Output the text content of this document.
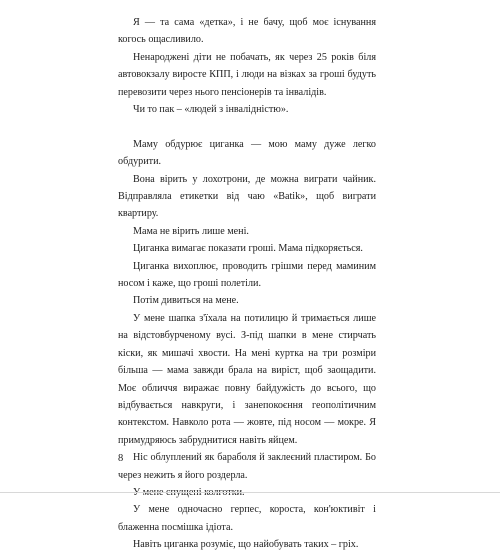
Я — та сама «детка», і не бачу, щоб моє існування когось ощасливило.

Ненароджені діти не побачать, як через 25 років біля автовокзалу виросте КПП, і люди на візках за гроші будуть перевозити через нього пенсіонерів та інвалідів.

Чи то пак – «людей з інвалідністю».

Маму обдурює циганка — мою маму дуже легко обдурити.

Вона вірить у лохотрони, де можна виграти чайник. Відправляла етикетки від чаю «Batik», щоб виграти квартиру.

Мама не вірить лише мені.

Циганка вимагає показати гроші. Мама підкоряється.

Циганка вихоплює, проводить грішми перед маминим носом і каже, що гроші полетіли.

Потім дивиться на мене.

У мене шапка з'їхала на потилицю й тримається лише на відстовбурченому вусі. З-під шапки в мене стирчать кіски, як мишачі хвости. На мені куртка на три розміри більша — мама завжди брала на виріст, щоб заощадити. Моє обличчя виражає повну байдужість до всього, що відбувається навкруги, і занепокоєння геополітичним контекстом. Навколо рота — жовте, під носом — мокре. Я примудряюсь забруднитися навіть яйцем.

Ніс облуплений як бараболя й заклеєний пластиром. Бо через нежить я його роздерла.

У мене одночасно герпес, короста, кон'юктивіт і блаженна посмішка ідіота.

Навіть циганка розуміє, що найобувать таких – гріх.

8
